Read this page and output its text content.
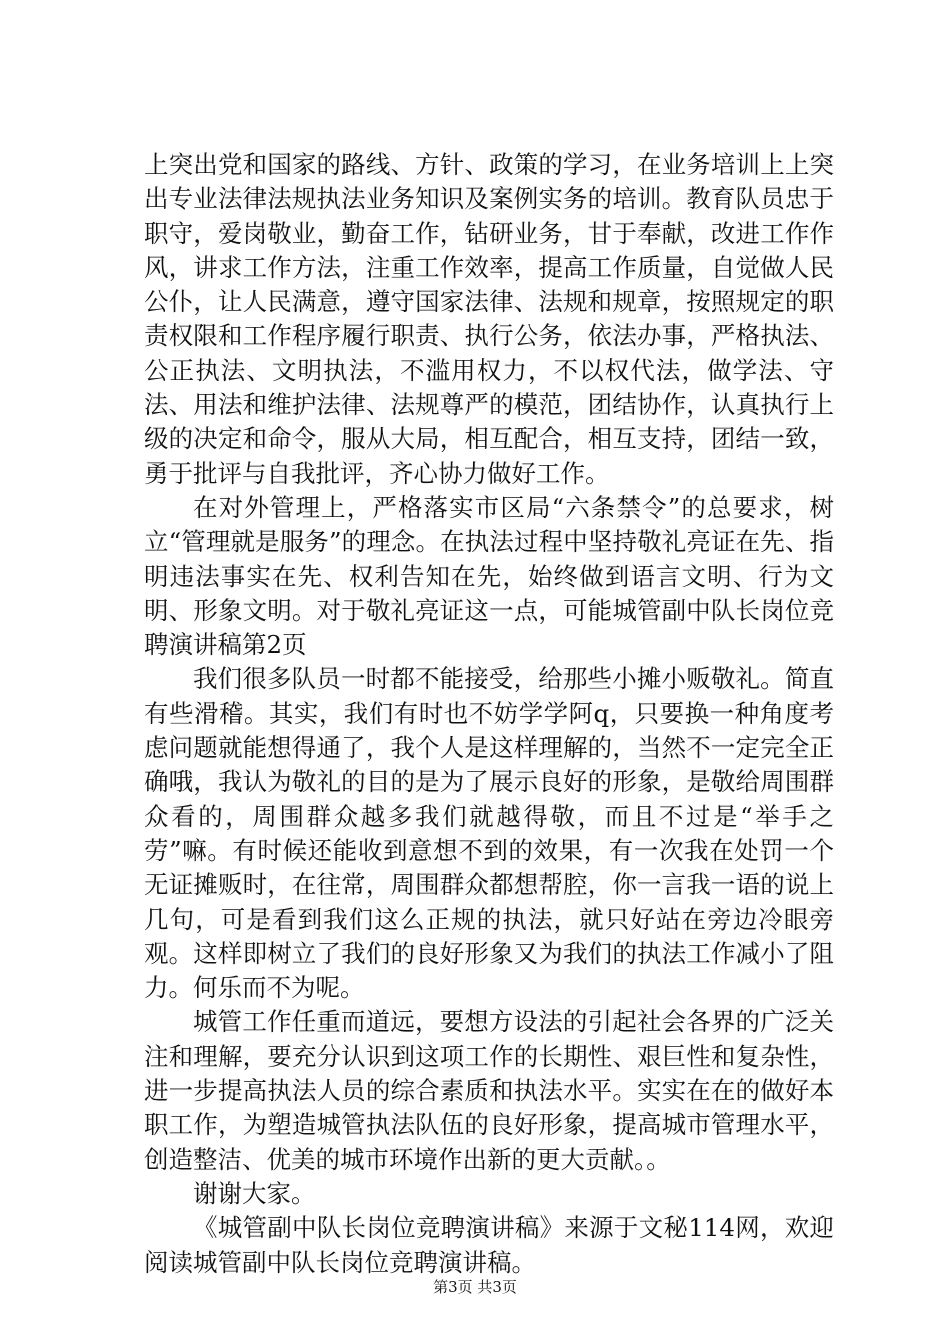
上突出党和国家的路线、方针、政策的学习，在业务培训上上突出专业法律法规执法业务知识及案例实务的培训。教育队员忠于职守，爱岗敬业，勤奋工作，钻研业务，甘于奉献，改进工作作风，讲求工作方法，注重工作效率，提高工作质量，自觉做人民公仆，让人民满意，遵守国家法律、法规和规章，按照规定的职责权限和工作程序履行职责、执行公务，依法办事，严格执法、公正执法、文明执法，不滥用权力，不以权代法，做学法、守法、用法和维护法律、法规尊严的模范，团结协作，认真执行上级的决定和命令，服从大局，相互配合，相互支持，团结一致，勇于批评与自我批评，齐心协力做好工作。

在对外管理上，严格落实市区局“六条禁令”的总要求，树立“管理就是服务”的理念。在执法过程中坚持敬礼亮证在先、指明违法事实在先、权利告知在先，始终做到语言文明、行为文明、形象文明。对于敬礼亮证这一点，可能城管副中队长岗位竞聘演讲稿第2页

我们很多队员一时都不能接受，给那些小摊小贩敬礼。简直有些滑稽。其实，我们有时也不妨学学阿q，只要换一种角度考虑问题就能想得通了，我个人是这样理解的，当然不一定完全正确哦，我认为敬礼的目的是为了展示良好的形象，是敬给周围群众看的，周围群众越多我们就越得敬，而且不过是“举手之劳”嘛。有时候还能收到意想不到的效果，有一次我在处罚一个无证摊贩时，在往常，周围群众都想帮腔，你一言我一语的说上几句，可是看到我们这么正规的执法，就只好站在旁边冷眼旁观。这样即树立了我们的良好形象又为我们的执法工作减小了阻力。何乐而不为呢。

城管工作任重而道远，要想方设法的引起社会各界的广泛关注和理解，要充分认识到这项工作的长期性、艰巨性和复杂性，进一步提高执法人员的综合素质和执法水平。实实在在的做好本职工作，为塑造城管执法队伍的良好形象，提高城市管理水平，创造整洁、优美的城市环境作出新的更大贡献。。

谢谢大家。

《城管副中队长岗位竞聘演讲稿》来源于文秘114网，欢迎阅读城管副中队长岗位竞聘演讲稿。

第3页 共3页
